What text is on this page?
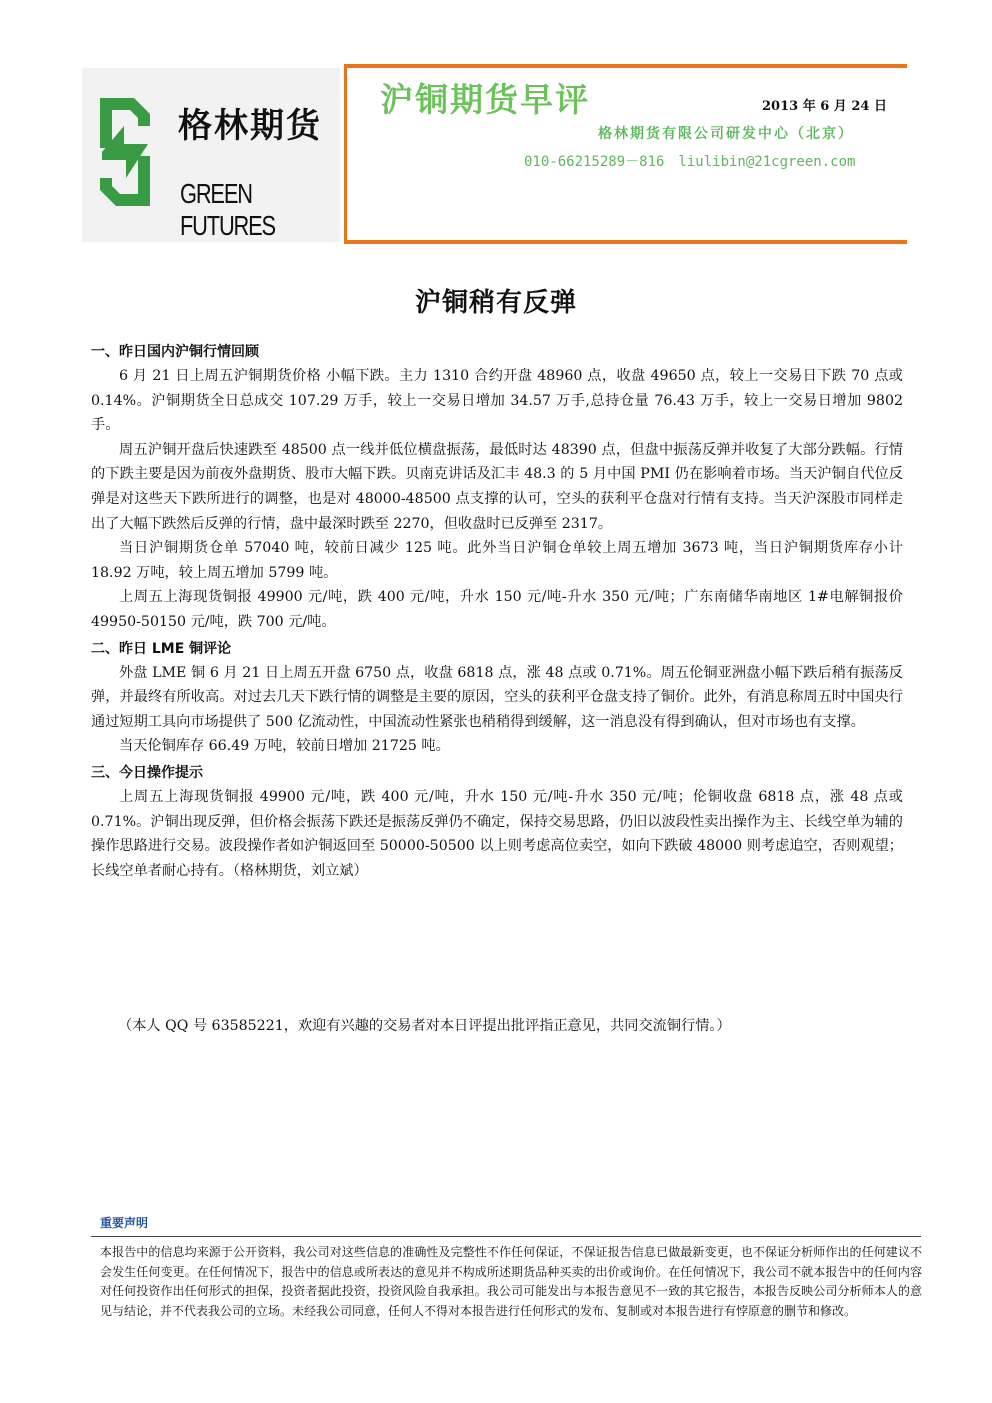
格林期货
GREEN FUTURES
沪铜期货早评	2013 年 6 月 24 日
格林期货有限公司研发中心（北京）
010-66215289－816　liulibin@21cgreen.com
沪铜稍有反弹
一、昨日国内沪铜行情回顾

6 月 21 日上周五沪铜期货价格 小幅下跌。主力 1310 合约开盘 48960 点，收盘 49650 点，较上一交易日下跌 70 点或 0.14%。沪铜期货全日总成交 107.29 万手，较上一交易日增加 34.57 万手,总持仓量 76.43 万手，较上一交易日增加 9802 手。

周五沪铜开盘后快速跌至 48500 点一线并低位横盘振荡，最低时达 48390 点，但盘中振荡反弹并收复了大部分跌幅。行情的下跌主要是因为前夜外盘期货、股市大幅下跌。贝南克讲话及汇丰 48.3 的 5 月中国 PMI 仍在影响着市场。当天沪铜自代位反弹是对这些天下跌所进行的调整，也是对 48000-48500 点支撑的认可，空头的获利平仓盘对行情有支持。当天沪深股市同样走出了大幅下跌然后反弹的行情，盘中最深时跌至 2270，但收盘时已反弹至 2317。

当日沪铜期货仓单 57040 吨，较前日减少 125 吨。此外当日沪铜仓单较上周五增加 3673 吨，当日沪铜期货库存小计 18.92 万吨，较上周五增加 5799 吨。

上周五上海现货铜报 49900 元/吨，跌 400 元/吨，升水 150 元/吨-升水 350 元/吨；广东南储华南地区 1#电解铜报价 49950-50150 元/吨，跌 700 元/吨。

二、昨日 LME 铜评论

外盘 LME 铜 6 月 21 日上周五开盘 6750 点，收盘 6818 点，涨 48 点或 0.71%。周五伦铜亚洲盘小幅下跌后稍有振荡反弹，并最终有所收高。对过去几天下跌行情的调整是主要的原因，空头的获利平仓盘支持了铜价。此外，有消息称周五时中国央行通过短期工具向市场提供了 500 亿流动性，中国流动性紧张也稍稍得到缓解，这一消息没有得到确认，但对市场也有支撑。

当天伦铜库存 66.49 万吨，较前日增加 21725 吨。

三、今日操作提示

上周五上海现货铜报 49900 元/吨，跌 400 元/吨，升水 150 元/吨-升水 350 元/吨；伦铜收盘 6818 点，涨 48 点或 0.71%。沪铜出现反弹，但价格会振荡下跌还是振荡反弹仍不确定，保持交易思路，仍旧以波段性卖出操作为主、长线空单为辅的操作思路进行交易。波段操作者如沪铜返回至 50000-50500 以上则考虑高位卖空，如向下跌破 48000 则考虑追空，否则观望；长线空单者耐心持有。（格林期货，刘立斌）

（本人 QQ 号 63585221，欢迎有兴趣的交易者对本日评提出批评指正意见，共同交流铜行情。）
重要声明

本报告中的信息均来源于公开资料，我公司对这些信息的准确性及完整性不作任何保证，不保证报告信息已做最新变更，也不保证分析师作出的任何建议不会发生任何变更。在任何情况下，报告中的信息或所表达的意见并不构成所述期货品种买卖的出价或询价。在任何情况下，我公司不就本报告中的任何内容对任何投资作出任何形式的担保，投资者据此投资，投资风险自我承担。我公司可能发出与本报告意见不一致的其它报告，本报告反映公司分析师本人的意见与结论，并不代表我公司的立场。未经我公司同意，任何人不得对本报告进行任何形式的发布、复制或对本报告进行有悖原意的删节和修改。
